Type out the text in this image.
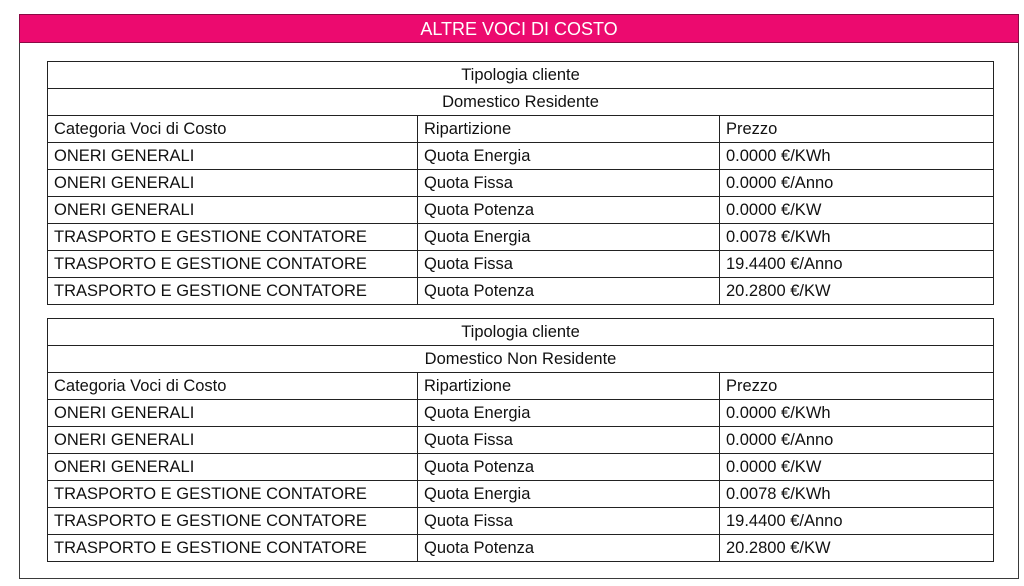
ALTRE VOCI DI COSTO
Tipologia cliente		
Domestico Residente		
Categoria Voci di Costo	Ripartizione	Prezzo
ONERI GENERALI	Quota Energia	0.0000 €/KWh
ONERI GENERALI	Quota Fissa	0.0000 €/Anno
ONERI GENERALI	Quota Potenza	0.0000 €/KW
TRASPORTO E GESTIONE CONTATORE	Quota Energia	0.0078 €/KWh
TRASPORTO E GESTIONE CONTATORE	Quota Fissa	19.4400 €/Anno
TRASPORTO E GESTIONE CONTATORE	Quota Potenza	20.2800 €/KW
Tipologia cliente		
Domestico Non Residente		
Categoria Voci di Costo	Ripartizione	Prezzo
ONERI GENERALI	Quota Energia	0.0000 €/KWh
ONERI GENERALI	Quota Fissa	0.0000 €/Anno
ONERI GENERALI	Quota Potenza	0.0000 €/KW
TRASPORTO E GESTIONE CONTATORE	Quota Energia	0.0078 €/KWh
TRASPORTO E GESTIONE CONTATORE	Quota Fissa	19.4400 €/Anno
TRASPORTO E GESTIONE CONTATORE	Quota Potenza	20.2800 €/KW
